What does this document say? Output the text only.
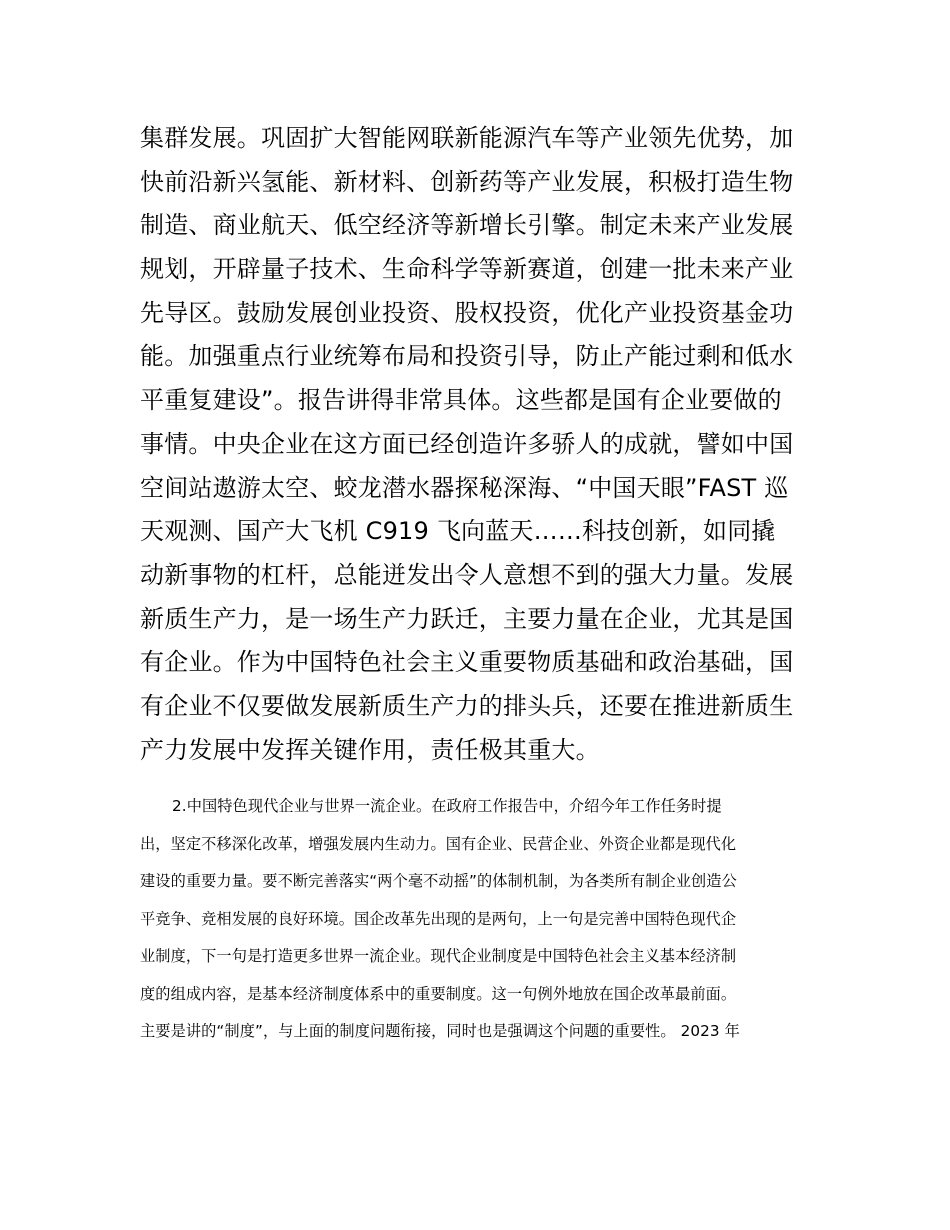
集群发展。巩固扩大智能网联新能源汽车等产业领先优势，加
快前沿新兴氢能、新材料、创新药等产业发展，积极打造生物
制造、商业航天、低空经济等新增长引擎。制定未来产业发展
规划，开辟量子技术、生命科学等新赛道，创建一批未来产业
先导区。鼓励发展创业投资、股权投资，优化产业投资基金功
能。加强重点行业统筹布局和投资引导，防止产能过剩和低水
平重复建设”。报告讲得非常具体。这些都是国有企业要做的
事情。中央企业在这方面已经创造许多骄人的成就，譬如中国
空间站遨游太空、蛟龙潜水器探秘深海、“中国天眼”FAST 巡
天观测、国产大飞机 C919 飞向蓝天……科技创新，如同撬
动新事物的杠杆，总能迸发出令人意想不到的强大力量。发展
新质生产力，是一场生产力跃迁，主要力量在企业，尤其是国
有企业。作为中国特色社会主义重要物质基础和政治基础，国
有企业不仅要做发展新质生产力的排头兵，还要在推进新质生
产力发展中发挥关键作用，责任极其重大。
2.中国特色现代企业与世界一流企业。在政府工作报告中，介绍今年工作任务时提
出，坚定不移深化改革，增强发展内生动力。国有企业、民营企业、外资企业都是现代化
建设的重要力量。要不断完善落实“两个毫不动摇”的体制机制，为各类所有制企业创造公
平竞争、竞相发展的良好环境。国企改革先出现的是两句，上一句是完善中国特色现代企
业制度，下一句是打造更多世界一流企业。现代企业制度是中国特色社会主义基本经济制
度的组成内容，是基本经济制度体系中的重要制度。这一句例外地放在国企改革最前面。
主要是讲的“制度”，与上面的制度问题衔接，同时也是强调这个问题的重要性。 2023 年
